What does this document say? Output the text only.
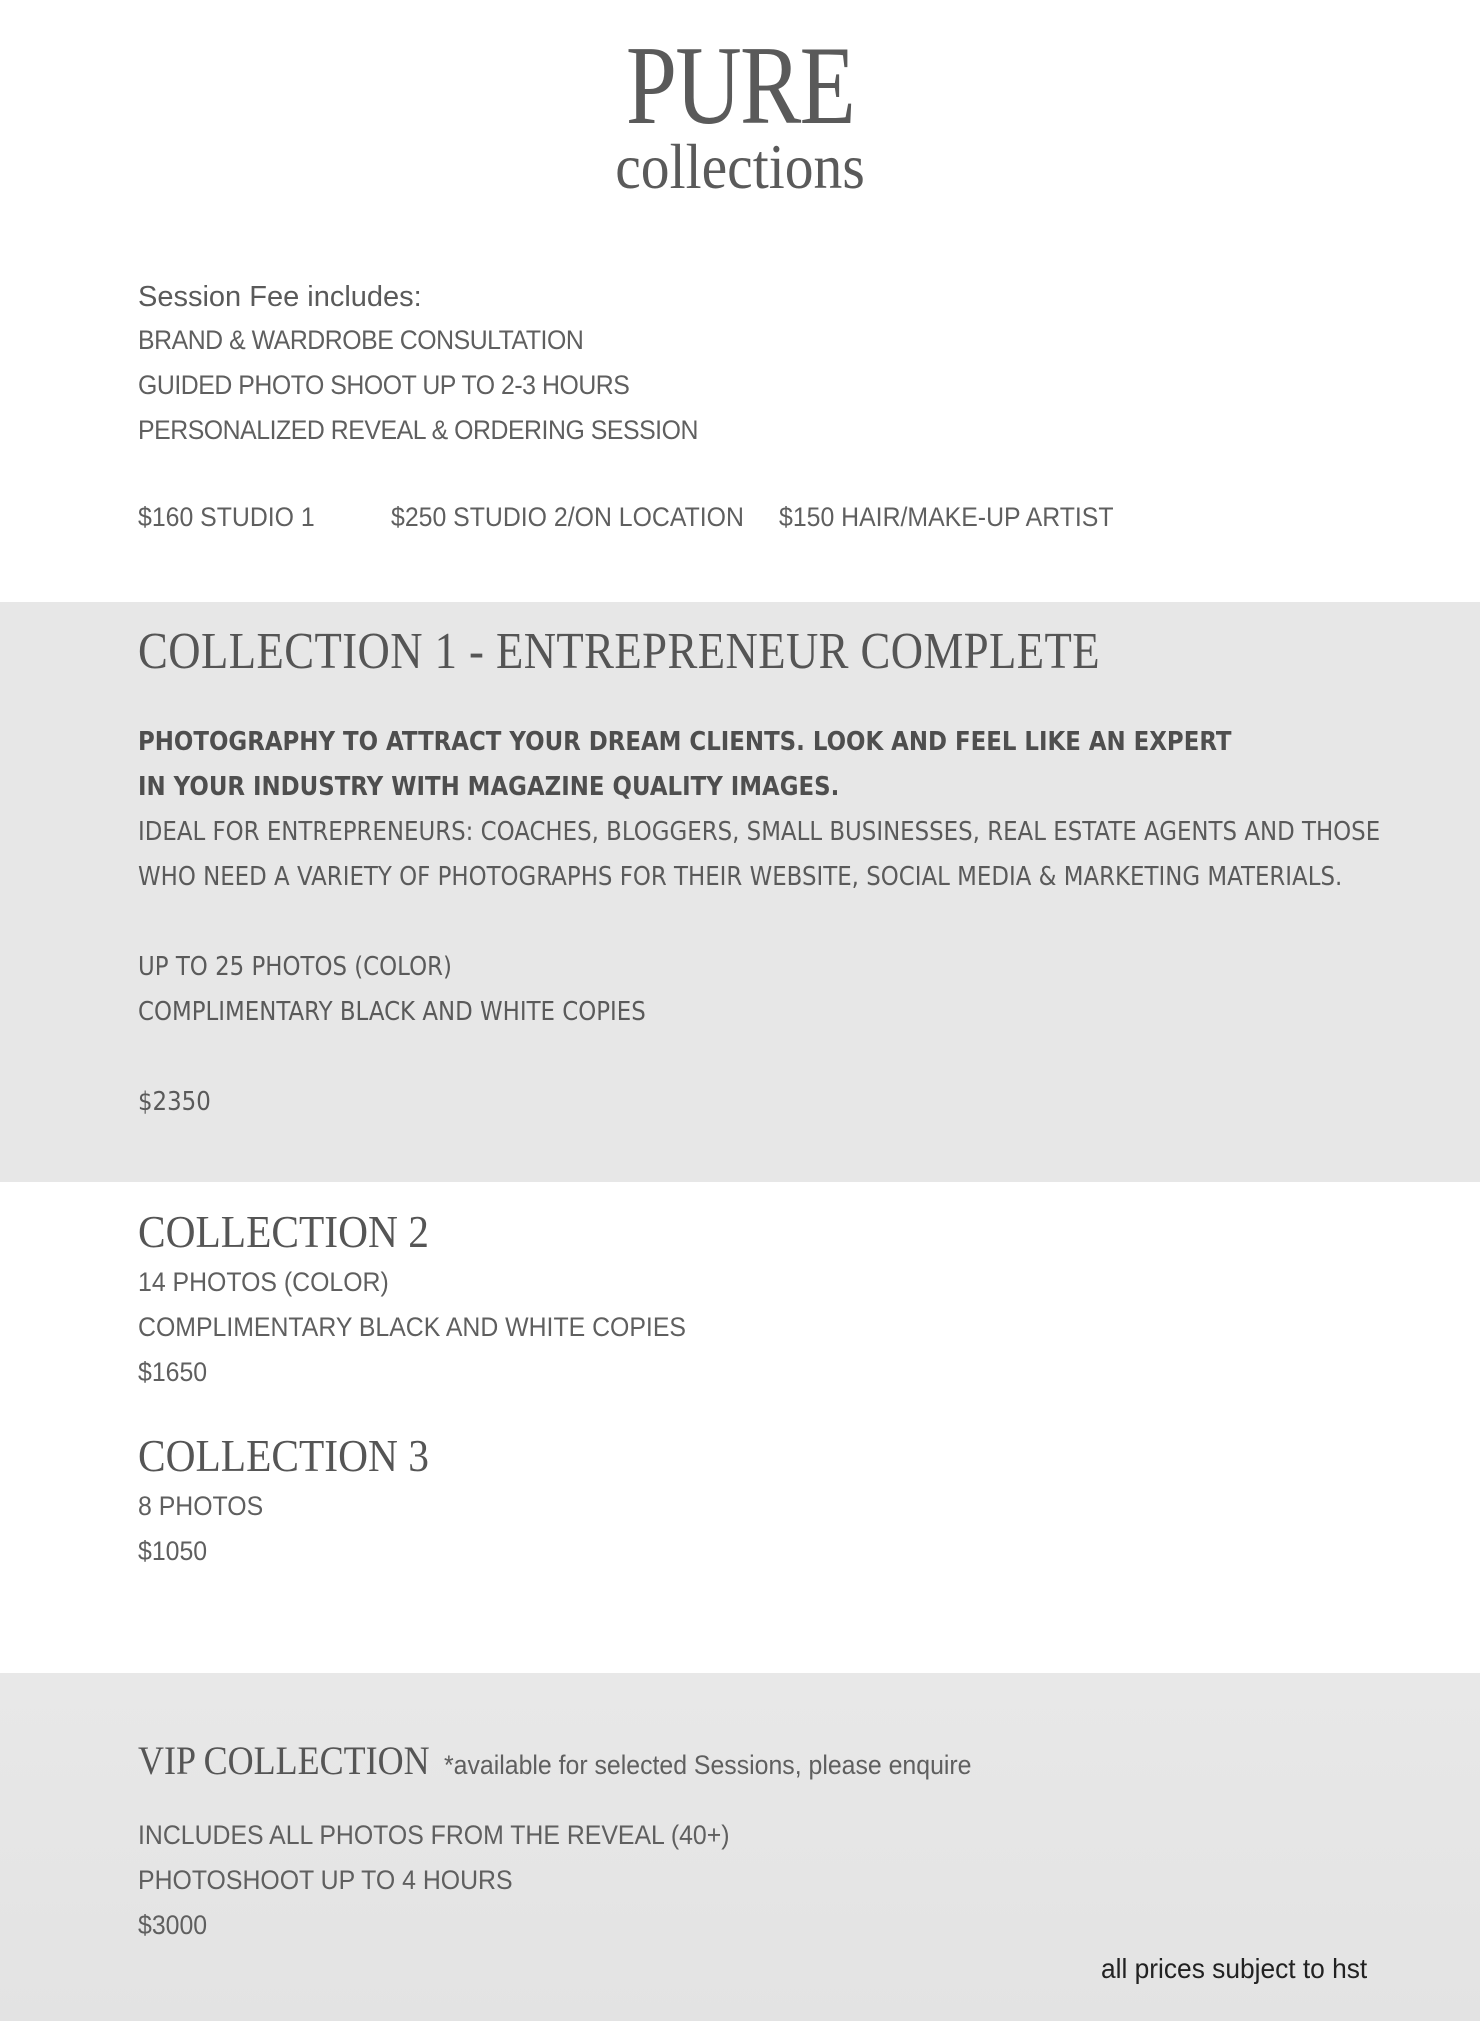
PURE
collections
Session Fee includes:
BRAND & WARDROBE CONSULTATION
GUIDED PHOTO SHOOT UP TO 2-3 HOURS
PERSONALIZED REVEAL & ORDERING SESSION
$160 STUDIO 1	$250 STUDIO 2/ON LOCATION $150 HAIR/MAKE-UP ARTIST
COLLECTION 1 - ENTREPRENEUR COMPLETE
PHOTOGRAPHY TO ATTRACT YOUR DREAM CLIENTS. LOOK AND FEEL LIKE AN EXPERT
IN YOUR INDUSTRY WITH MAGAZINE QUALITY IMAGES.
IDEAL FOR ENTREPRENEURS: COACHES, BLOGGERS, SMALL BUSINESSES, REAL ESTATE AGENTS AND THOSE
WHO NEED A VARIETY OF PHOTOGRAPHS FOR THEIR WEBSITE, SOCIAL MEDIA & MARKETING MATERIALS.
UP TO 25 PHOTOS (COLOR)
COMPLIMENTARY BLACK AND WHITE COPIES
$2350
COLLECTION 2
14 PHOTOS (COLOR)
COMPLIMENTARY BLACK AND WHITE COPIES
$1650
COLLECTION 3
8 PHOTOS
$1050
VIP COLLECTION*available for selected Sessions, please enquire
INCLUDES ALL PHOTOS FROM THE REVEAL (40+)
PHOTOSHOOT UP TO 4 HOURS
$3000
all prices subject to hst
